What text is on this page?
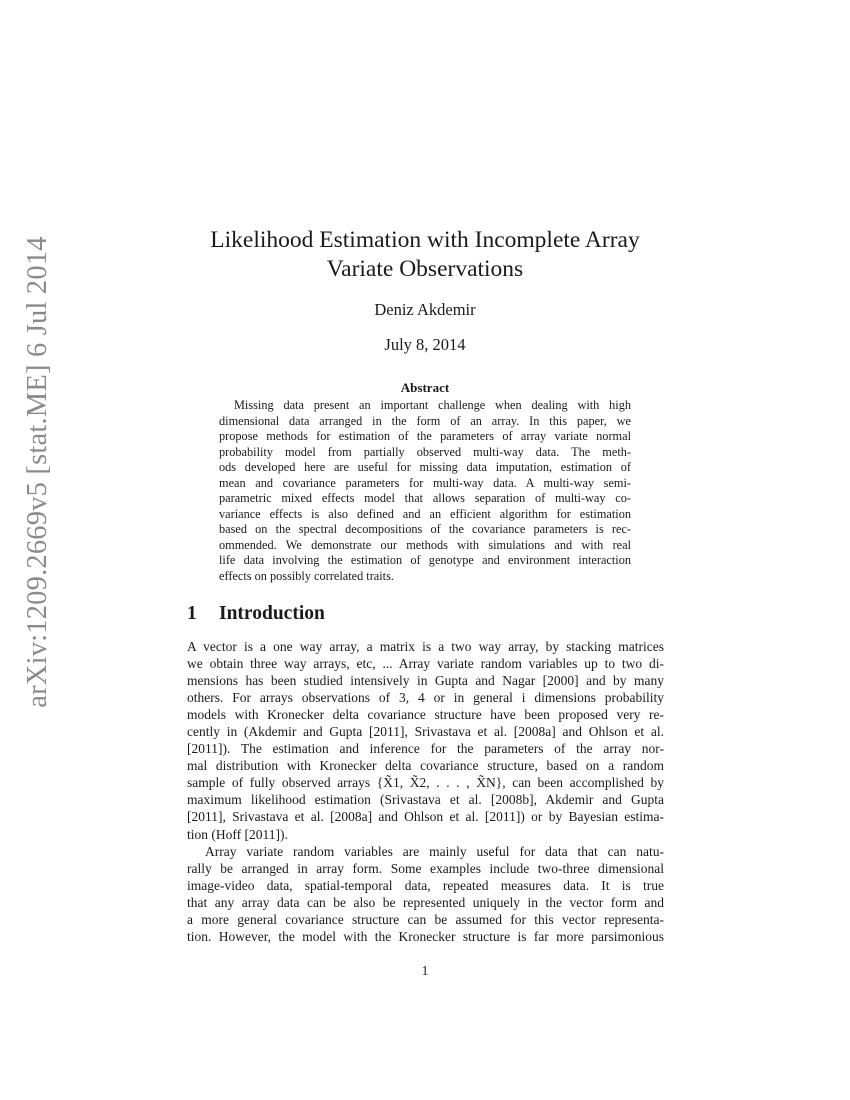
arXiv:1209.2669v5 [stat.ME] 6 Jul 2014	Likelihood Estimation with Incomplete Array
Variate Observations
Deniz Akdemir
July 8, 2014
Abstract
Missing data present an important challenge when dealing with high
dimensional data arranged in the form of an array. In this paper, we
propose methods for estimation of the parameters of array variate normal
probability model from partially observed multi-way data. The meth-
ods developed here are useful for missing data imputation, estimation of
mean and covariance parameters for multi-way data. A multi-way semi-
parametric mixed effects model that allows separation of multi-way co-
variance effects is also defined and an efficient algorithm for estimation
based on the spectral decompositions of the covariance parameters is rec-
ommended. We demonstrate our methods with simulations and with real
life data involving the estimation of genotype and environment interaction
effects on possibly correlated traits.
1 Introduction
A vector is a one way array, a matrix is a two way array, by stacking matrices
we obtain three way arrays, etc, ... Array variate random variables up to two di-
mensions has been studied intensively in Gupta and Nagar [2000] and by many
others. For arrays observations of 3, 4 or in general i dimensions probability
models with Kronecker delta covariance structure have been proposed very re-
cently in (Akdemir and Gupta [2011], Srivastava et al. [2008a] and Ohlson et al.
[2011]). The estimation and inference for the parameters of the array nor-
mal distribution with Kronecker delta covariance structure, based on a random
sample of fully observed arrays {X̃1, X̃2, . . . , X̃N}, can been accomplished by
maximum likelihood estimation (Srivastava et al. [2008b], Akdemir and Gupta
[2011], Srivastava et al. [2008a] and Ohlson et al. [2011]) or by Bayesian estima-
tion (Hoff [2011]).
Array variate random variables are mainly useful for data that can natu-
rally be arranged in array form. Some examples include two-three dimensional
image-video data, spatial-temporal data, repeated measures data. It is true
that any array data can be also be represented uniquely in the vector form and
a more general covariance structure can be assumed for this vector representa-
tion. However, the model with the Kronecker structure is far more parsimonious
1
